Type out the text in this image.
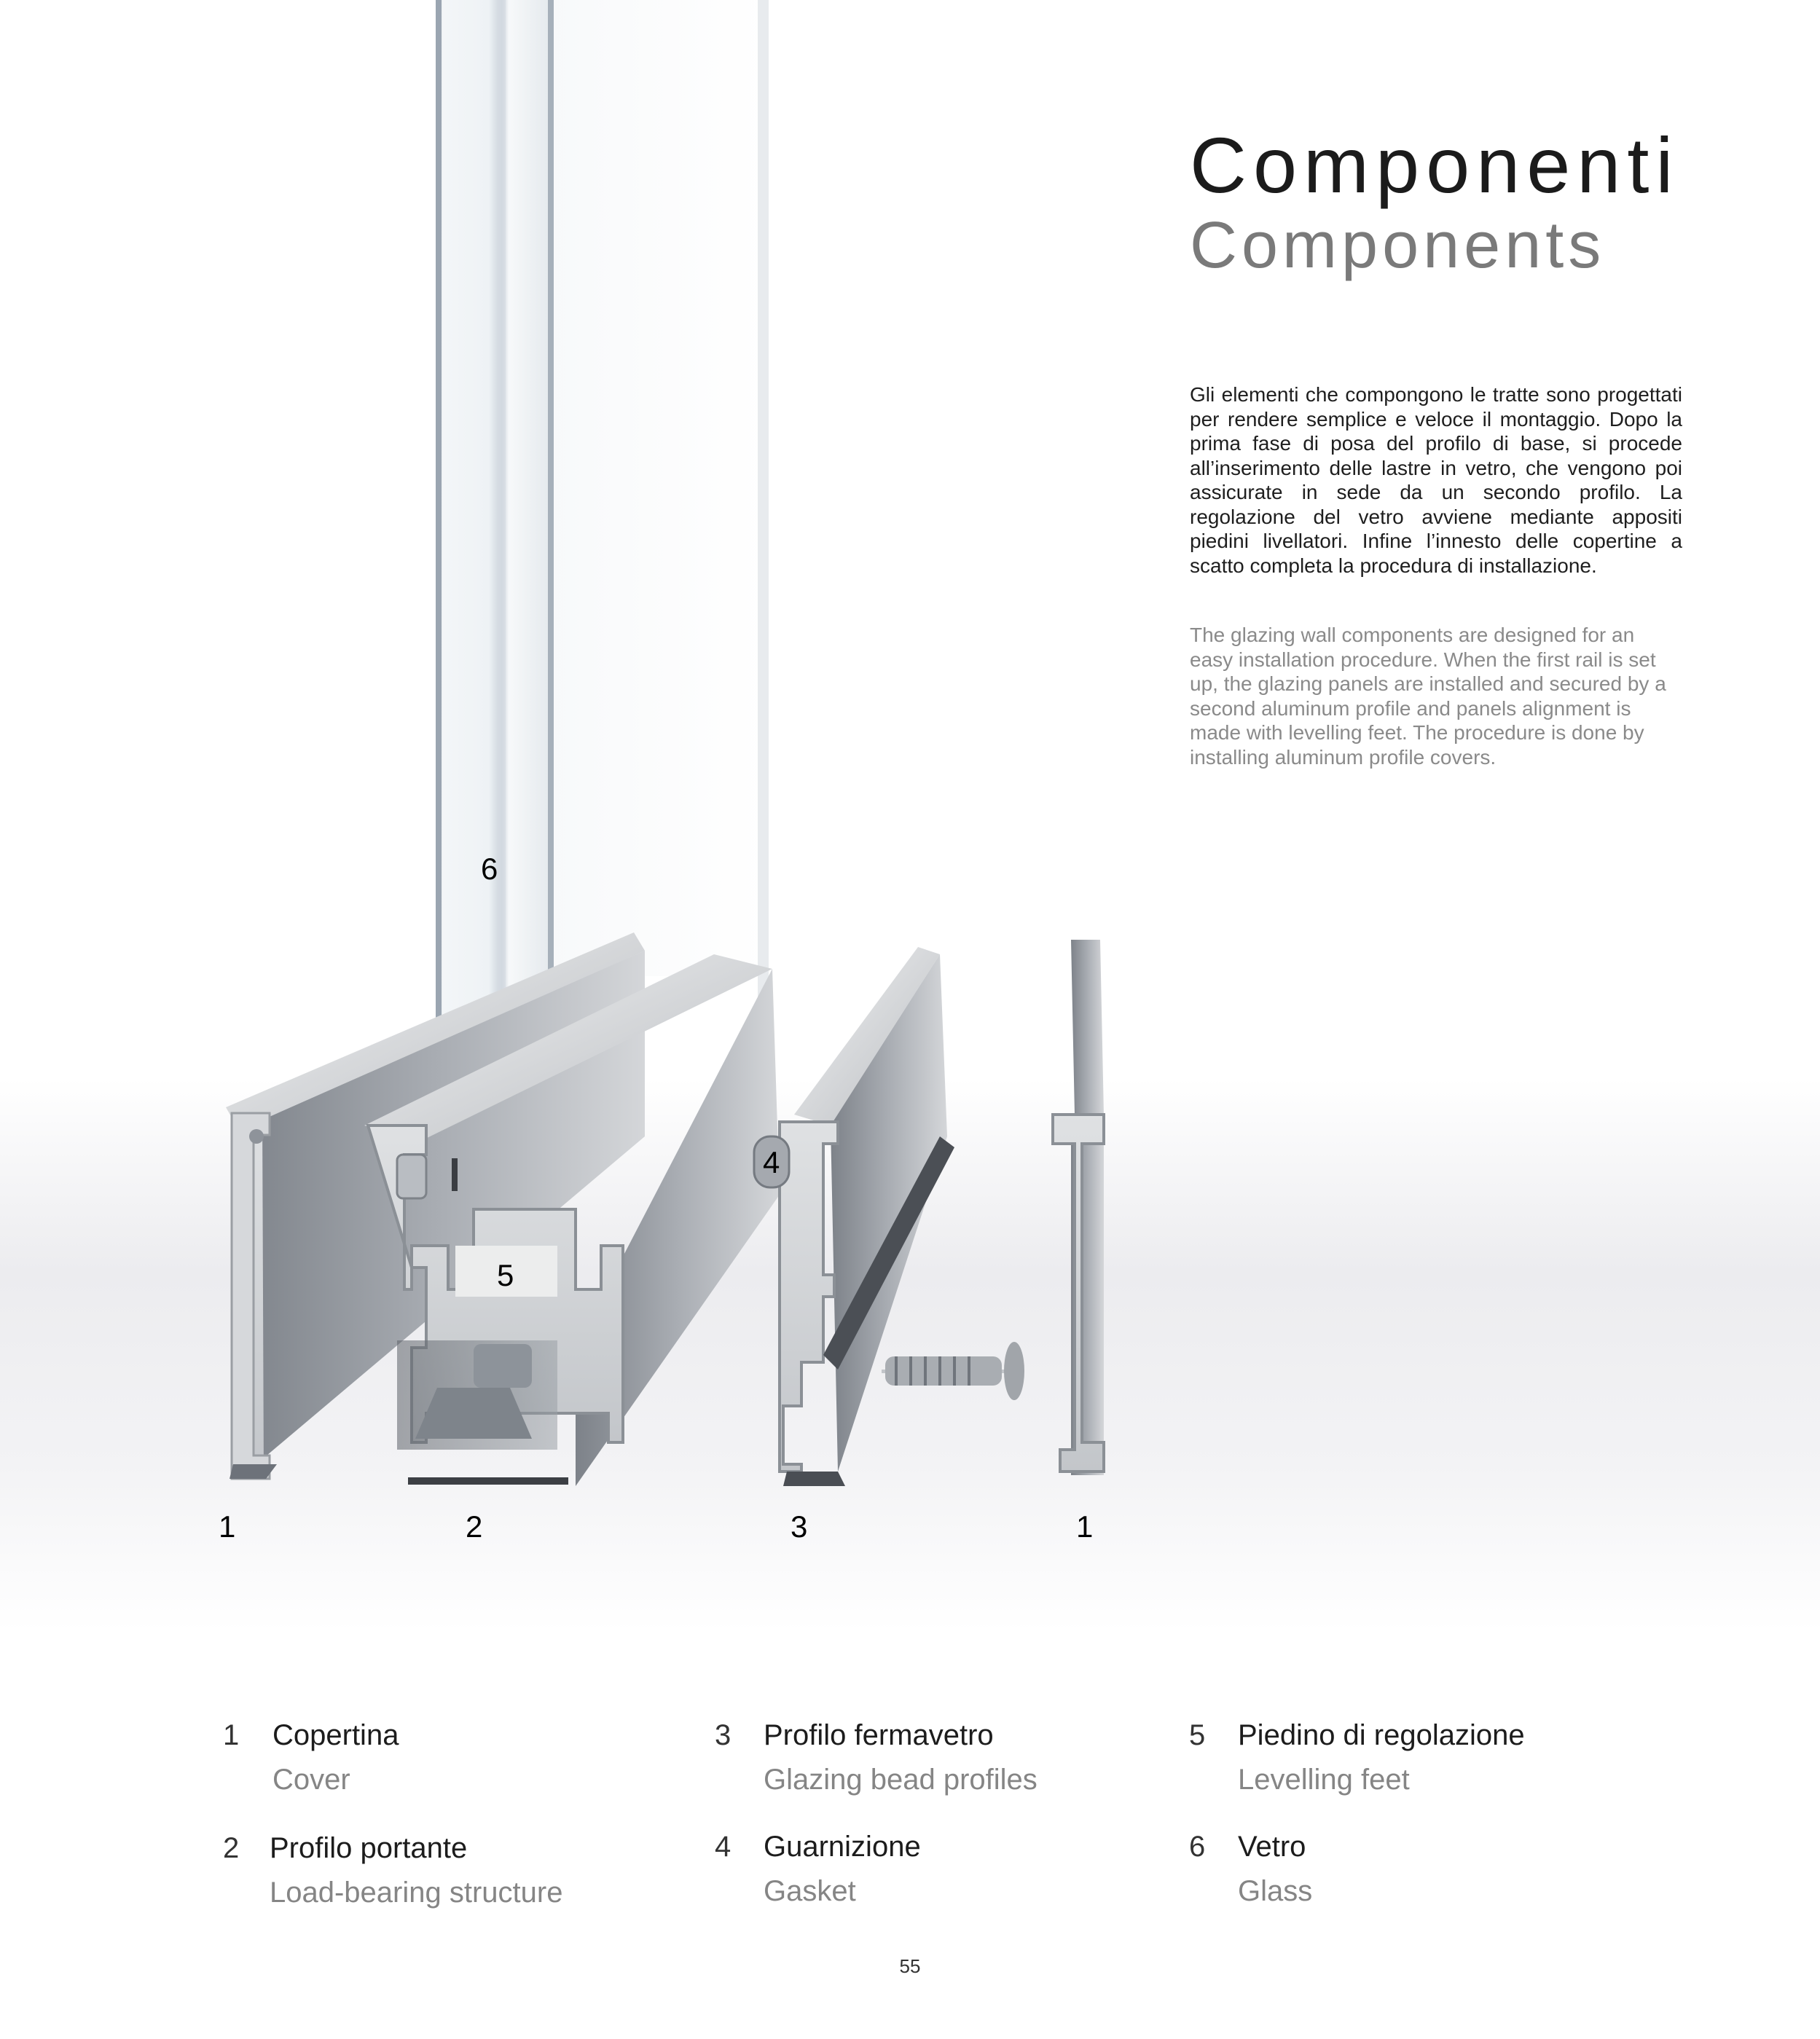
6
4
5
1	2	3	1
Componenti
Components

Gli elementi che compongono le tratte sono progettati per rendere semplice e veloce il montaggio. Dopo la prima fase di posa del profilo di base, si procede all’inserimento delle lastre in vetro, che vengono poi assicurate in sede da un secondo profilo. La regolazione del vetro avviene mediante appositi piedini livellatori. Infine l’innesto delle copertine a scatto completa la procedura di installazione.

The glazing wall components are designed for an easy installation procedure. When the first rail is set up, the glazing panels are installed and secured by a second aluminum profile and panels alignment is made with levelling feet. The procedure is done by installing aluminum profile covers.

1 Copertina
Cover
2 Profilo portante
Load-bearing structure
3 Profilo fermavetro
Glazing bead profiles
4 Guarnizione
Gasket
5 Piedino di regolazione
Levelling feet
6 Vetro
Glass
55
